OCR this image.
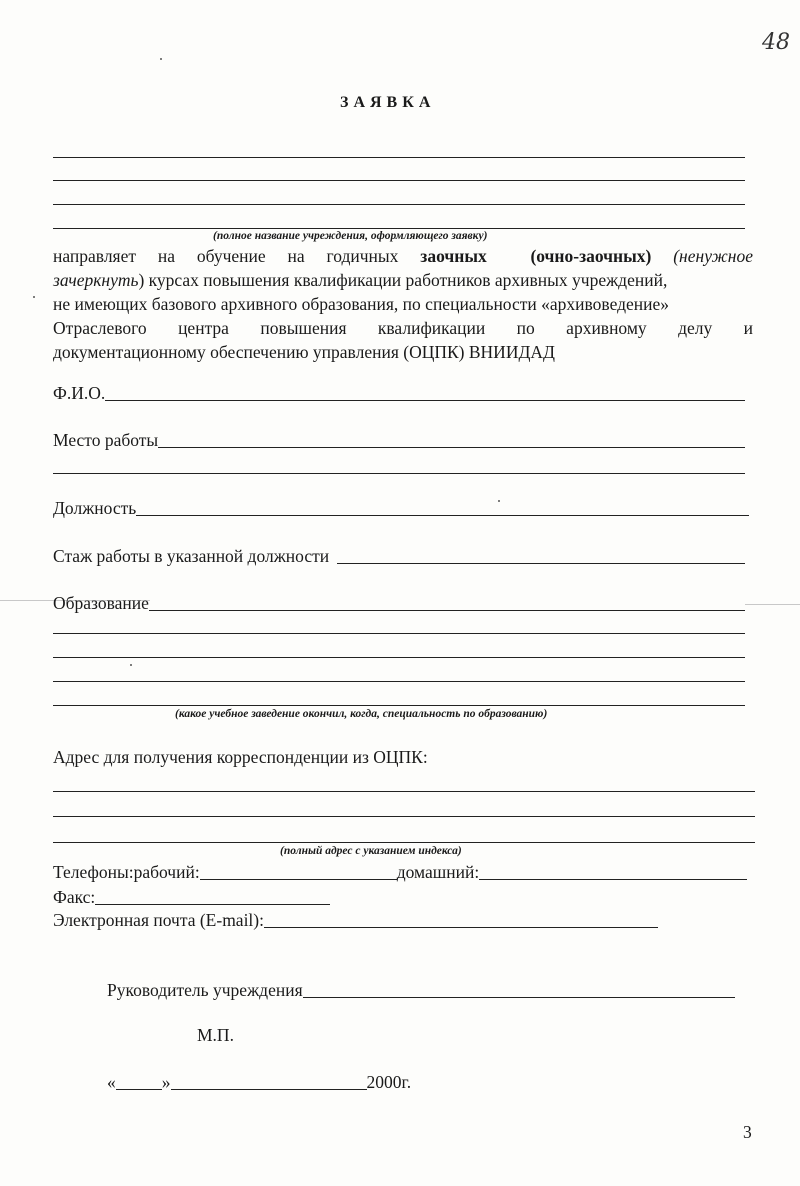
48
ЗАЯВКА
(полное название учреждения, оформляющего заявку)
направляет на обучение на годичных заочных (очно-заочных) (ненужное
зачеркнуть) курсах повышения квалификации работников архивных учреждений,
не имеющих базового архивного образования, по специальности «архивоведение»
Отраслевого центра повышения квалификации по архивному делу и
документационному обеспечению управления (ОЦПК) ВНИИДАД
Ф.И.О.
Место работы
Должность
Стаж работы в указанной должности
Образование
(какое учебное заведение окончил, когда, специальность по образованию)
Адрес для получения корреспонденции из ОЦПК:
(полный адрес с указанием индекса)
Телефоны:рабочий:	домашний:
Факс:
Электронная почта (E-mail):
Руководитель учреждения
М.П.
«	»	2000г.
3
